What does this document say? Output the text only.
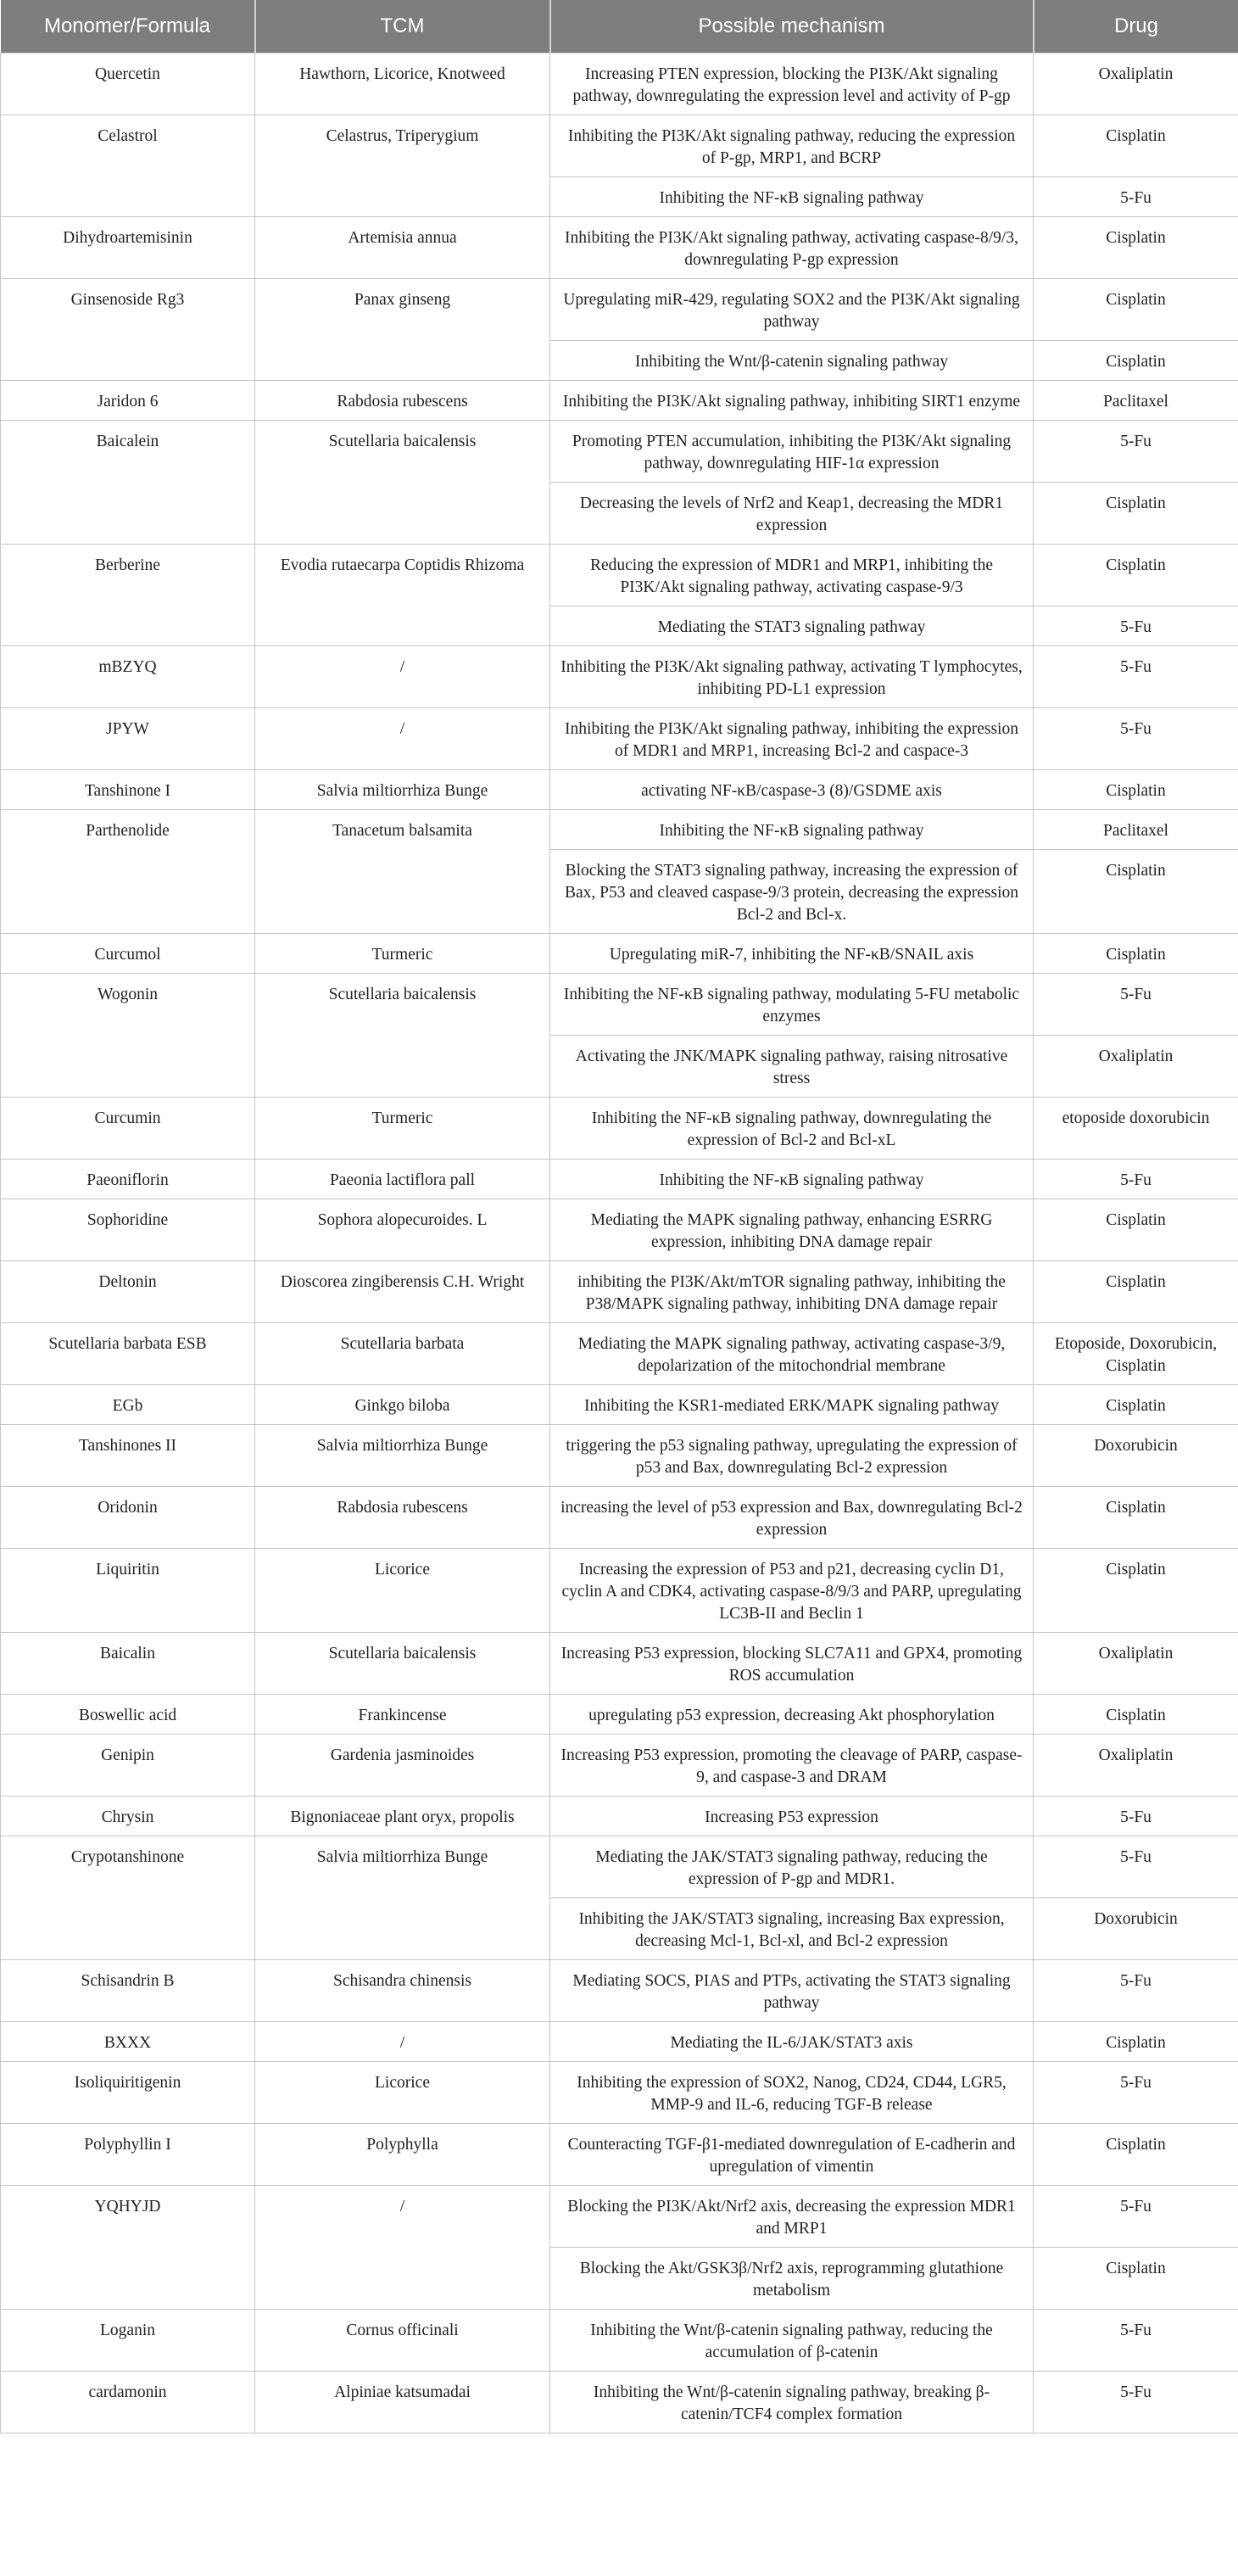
Monomer/Formula	TCM	Possible mechanism	Drug
Quercetin	Hawthorn, Licorice, Knotweed	Increasing PTEN expression, blocking the PI3K/Akt signaling pathway, downregulating the expression level and activity of P-gp	Oxaliplatin
Celastrol	Celastrus, Triperygium	Inhibiting the PI3K/Akt signaling pathway, reducing the expression of P-gp, MRP1, and BCRP	Cisplatin
		Inhibiting the NF-κB signaling pathway	5-Fu
Dihydroartemisinin	Artemisia annua	Inhibiting the PI3K/Akt signaling pathway, activating caspase-8/9/3, downregulating P-gp expression	Cisplatin
Ginsenoside Rg3	Panax ginseng	Upregulating miR-429, regulating SOX2 and the PI3K/Akt signaling pathway	Cisplatin
		Inhibiting the Wnt/β-catenin signaling pathway	Cisplatin
Jaridon 6	Rabdosia rubescens	Inhibiting the PI3K/Akt signaling pathway, inhibiting SIRT1 enzyme	Paclitaxel
Baicalein	Scutellaria baicalensis	Promoting PTEN accumulation, inhibiting the PI3K/Akt signaling pathway, downregulating HIF-1α expression	5-Fu
		Decreasing the levels of Nrf2 and Keap1, decreasing the MDR1 expression	Cisplatin
Berberine	Evodia rutaecarpa Coptidis Rhizoma	Reducing the expression of MDR1 and MRP1, inhibiting the PI3K/Akt signaling pathway, activating caspase-9/3	Cisplatin
		Mediating the STAT3 signaling pathway	5-Fu
mBZYQ	/	Inhibiting the PI3K/Akt signaling pathway, activating T lymphocytes, inhibiting PD-L1 expression	5-Fu
JPYW	/	Inhibiting the PI3K/Akt signaling pathway, inhibiting the expression of MDR1 and MRP1, increasing Bcl-2 and caspace-3	5-Fu
Tanshinone I	Salvia miltiorrhiza Bunge	activating NF-κB/caspase-3 (8)/GSDME axis	Cisplatin
Parthenolide	Tanacetum balsamita	Inhibiting the NF-κB signaling pathway	Paclitaxel
		Blocking the STAT3 signaling pathway, increasing the expression of Bax, P53 and cleaved caspase-9/3 protein, decreasing the expression Bcl-2 and Bcl-x.	Cisplatin
Curcumol	Turmeric	Upregulating miR-7, inhibiting the NF-κB/SNAIL axis	Cisplatin
Wogonin	Scutellaria baicalensis	Inhibiting the NF-κB signaling pathway, modulating 5-FU metabolic enzymes	5-Fu
		Activating the JNK/MAPK signaling pathway, raising nitrosative stress	Oxaliplatin
Curcumin	Turmeric	Inhibiting the NF-κB signaling pathway, downregulating the expression of Bcl-2 and Bcl-xL	etoposide doxorubicin
Paeoniflorin	Paeonia lactiflora pall	Inhibiting the NF-κB signaling pathway	5-Fu
Sophoridine	Sophora alopecuroides. L	Mediating the MAPK signaling pathway, enhancing ESRRG expression, inhibiting DNA damage repair	Cisplatin
Deltonin	Dioscorea zingiberensis C.H. Wright	inhibiting the PI3K/Akt/mTOR signaling pathway, inhibiting the P38/MAPK signaling pathway, inhibiting DNA damage repair	Cisplatin
Scutellaria barbata ESB	Scutellaria barbata	Mediating the MAPK signaling pathway, activating caspase-3/9, depolarization of the mitochondrial membrane	Etoposide, Doxorubicin, Cisplatin
EGb	Ginkgo biloba	Inhibiting the KSR1-mediated ERK/MAPK signaling pathway	Cisplatin
Tanshinones II	Salvia miltiorrhiza Bunge	triggering the p53 signaling pathway, upregulating the expression of p53 and Bax, downregulating Bcl-2 expression	Doxorubicin
Oridonin	Rabdosia rubescens	increasing the level of p53 expression and Bax, downregulating Bcl-2 expression	Cisplatin
Liquiritin	Licorice	Increasing the expression of P53 and p21, decreasing cyclin D1, cyclin A and CDK4, activating caspase-8/9/3 and PARP, upregulating LC3B-II and Beclin 1	Cisplatin
Baicalin	Scutellaria baicalensis	Increasing P53 expression, blocking SLC7A11 and GPX4, promoting ROS accumulation	Oxaliplatin
Boswellic acid	Frankincense	upregulating p53 expression, decreasing Akt phosphorylation	Cisplatin
Genipin	Gardenia jasminoides	Increasing P53 expression, promoting the cleavage of PARP, caspase-9, and caspase-3 and DRAM	Oxaliplatin
Chrysin	Bignoniaceae plant oryx, propolis	Increasing P53 expression	5-Fu
Crypotanshinone	Salvia miltiorrhiza Bunge	Mediating the JAK/STAT3 signaling pathway, reducing the expression of P-gp and MDR1.	5-Fu
		Inhibiting the JAK/STAT3 signaling, increasing Bax expression, decreasing Mcl-1, Bcl-xl, and Bcl-2 expression	Doxorubicin
Schisandrin B	Schisandra chinensis	Mediating SOCS, PIAS and PTPs, activating the STAT3 signaling pathway	5-Fu
BXXX	/	Mediating the IL-6/JAK/STAT3 axis	Cisplatin
Isoliquiritigenin	Licorice	Inhibiting the expression of SOX2, Nanog, CD24, CD44, LGR5, MMP-9 and IL-6, reducing TGF-B release	5-Fu
Polyphyllin I	Polyphylla	Counteracting TGF-β1-mediated downregulation of E-cadherin and upregulation of vimentin	Cisplatin
YQHYJD	/	Blocking the PI3K/Akt/Nrf2 axis, decreasing the expression MDR1 and MRP1	5-Fu
		Blocking the Akt/GSK3β/Nrf2 axis, reprogramming glutathione metabolism	Cisplatin
Loganin	Cornus officinali	Inhibiting the Wnt/β-catenin signaling pathway, reducing the accumulation of β-catenin	5-Fu
cardamonin	Alpiniae katsumadai	Inhibiting the Wnt/β-catenin signaling pathway, breaking β-catenin/TCF4 complex formation	5-Fu
